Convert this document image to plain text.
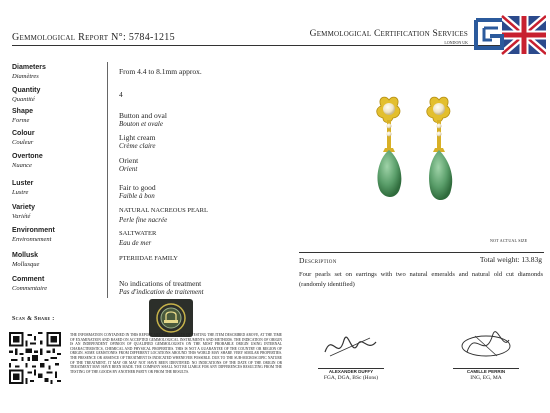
Gemmological Report N°: 5784-1215	Gemmological Certification Services
LONDON UK
Diameters
Diamètres
From 4.4 to 8.1mm approx.
Quantity
Quantité
4
Shape
Forme
Button and oval
Bouton et ovale
Colour
Couleur
Light cream
Crème claire
Overtone
Nuance
Orient
Orient
Luster
Lustre
Fair to good
Faible à bon
Variety
Variété
NATURAL NACREOUS PEARL
Perle fine nacrée
Environment
Environnement
SALTWATER
Eau de mer
Mollusk
Mollusque
PTERIIDAE FAMILY
Comment
Commentaire
No indications of treatment
Pas d'indication de traitement
NOT ACTUAL SIZE
Description	Total weight: 13.83g
Four pearls set on earrings with two natural emeralds and natural old cut diamonds (randomly identified)
Scan & Share :
THE INFORMATION CONTAINED IN THIS REPORT ARE THE RESULTS OF TESTING THE ITEM DESCRIBED ABOVE, AT THE TIME OF EXAMINATION AND BASED ON ACCEPTED GEMMOLOGICAL INSTRUMENTS AND METHODS. THE INDICATION OF ORIGIN IS AN INDEPENDENT OPINION OF QUALIFIED GEMMOLOGISTS ON THE MOST PROBABLE ORIGIN USING INTERNAL CHARACTERISTICS, CHEMICAL AND PHYSICAL PROPERTIES. THIS IS NOT A GUARANTEE OF THE COUNTRY OR REGION OF ORIGIN. SOME GEMSTONES FROM DIFFERENT LOCATIONS AROUND THIS WORLD MAY SHARE VERY SIMILAR PROPERTIES. THE PRESENCE OR ABSENCE OF TREATMENT IS INDICATED WHENEVER POSSIBLE. DUE TO THE SUB-MICROSCOPIC NATURE OF THE TREATMENT, IT MAY OR MAY NOT HAVE BEEN IDENTIFIED. NO INDICATIONS OF THE DATE OF THE ORIGIN OR TREATMENT MAY HAVE BEEN MADE. THE COMPANY SHALL NOT BE LIABLE FOR ANY DIFFERENCES RESULTING FROM THE TESTING OF THE GOODS BY ANOTHER PARTY OR FROM THE RESULTS.	ALEXANDER DUFFY
FGA, DGA, BSc (Hons)
CAMILLE PERRIN
ING, EG, MA
